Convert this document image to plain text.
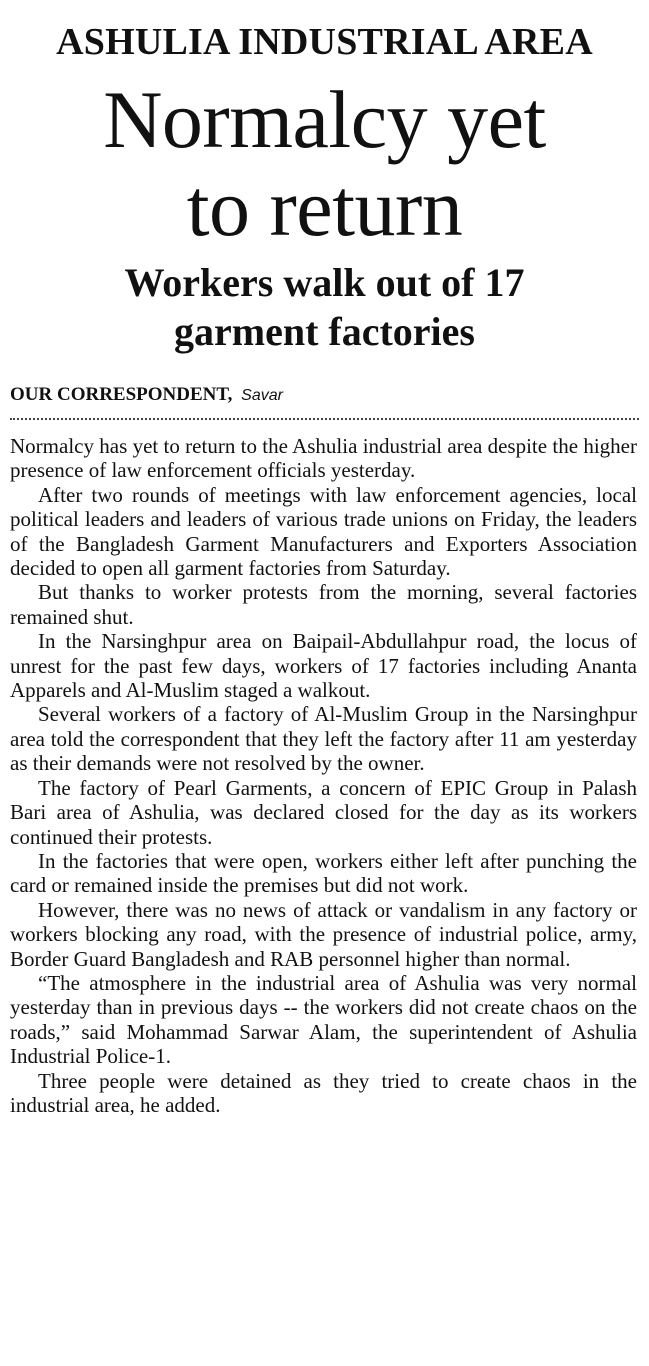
ASHULIA INDUSTRIAL AREA
Normalcy yet
to return
Workers walk out of 17
garment factories
OUR CORRESPONDENT, Savar

Normalcy has yet to return to the Ashulia industrial area despite the higher presence of law enforcement officials yesterday.

After two rounds of meetings with law enforcement agencies, local political leaders and leaders of various trade unions on Friday, the leaders of the Bangladesh Garment Manufacturers and Exporters Association decided to open all garment factories from Saturday.

But thanks to worker protests from the morning, several factories remained shut.

In the Narsinghpur area on Baipail-Abdullahpur road, the locus of unrest for the past few days, workers of 17 factories including Ananta Apparels and Al-Muslim staged a walkout.

Several workers of a factory of Al-Muslim Group in the Narsinghpur area told the correspondent that they left the factory after 11 am yesterday as their demands were not resolved by the owner.

The factory of Pearl Garments, a concern of EPIC Group in Palash Bari area of Ashulia, was declared closed for the day as its workers continued their protests.

In the factories that were open, workers either left after punching the card or remained inside the premises but did not work.

However, there was no news of attack or vandalism in any factory or workers blocking any road, with the presence of industrial police, army, Border Guard Bangladesh and RAB personnel higher than normal.

“The atmosphere in the industrial area of Ashulia was very normal yesterday than in previous days -- the workers did not create chaos on the roads,” said Mohammad Sarwar Alam, the superintendent of Ashulia Industrial Police-1.

Three people were detained as they tried to create chaos in the industrial area, he added.
